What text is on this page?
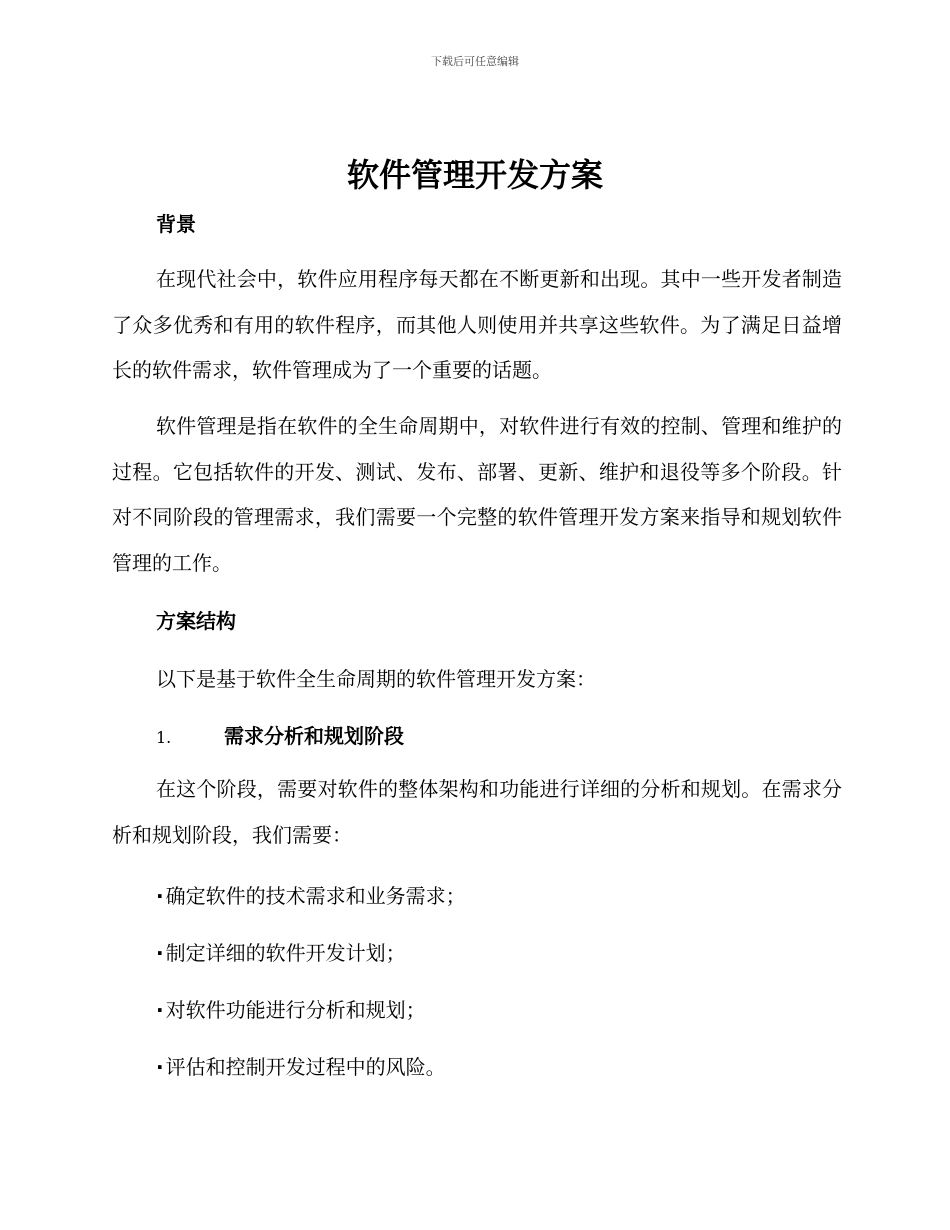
下载后可任意编辑
软件管理开发方案
背景

在现代社会中，软件应用程序每天都在不断更新和出现。其中一些开发者制造了众多优秀和有用的软件程序，而其他人则使用并共享这些软件。为了满足日益增长的软件需求，软件管理成为了一个重要的话题。

软件管理是指在软件的全生命周期中，对软件进行有效的控制、管理和维护的过程。它包括软件的开发、测试、发布、部署、更新、维护和退役等多个阶段。针对不同阶段的管理需求，我们需要一个完整的软件管理开发方案来指导和规划软件管理的工作。

方案结构

以下是基于软件全生命周期的软件管理开发方案：

1.	需求分析和规划阶段

在这个阶段，需要对软件的整体架构和功能进行详细的分析和规划。在需求分析和规划阶段，我们需要：

· 确定软件的技术需求和业务需求；
· 制定详细的软件开发计划；
· 对软件功能进行分析和规划；
· 评估和控制开发过程中的风险。
